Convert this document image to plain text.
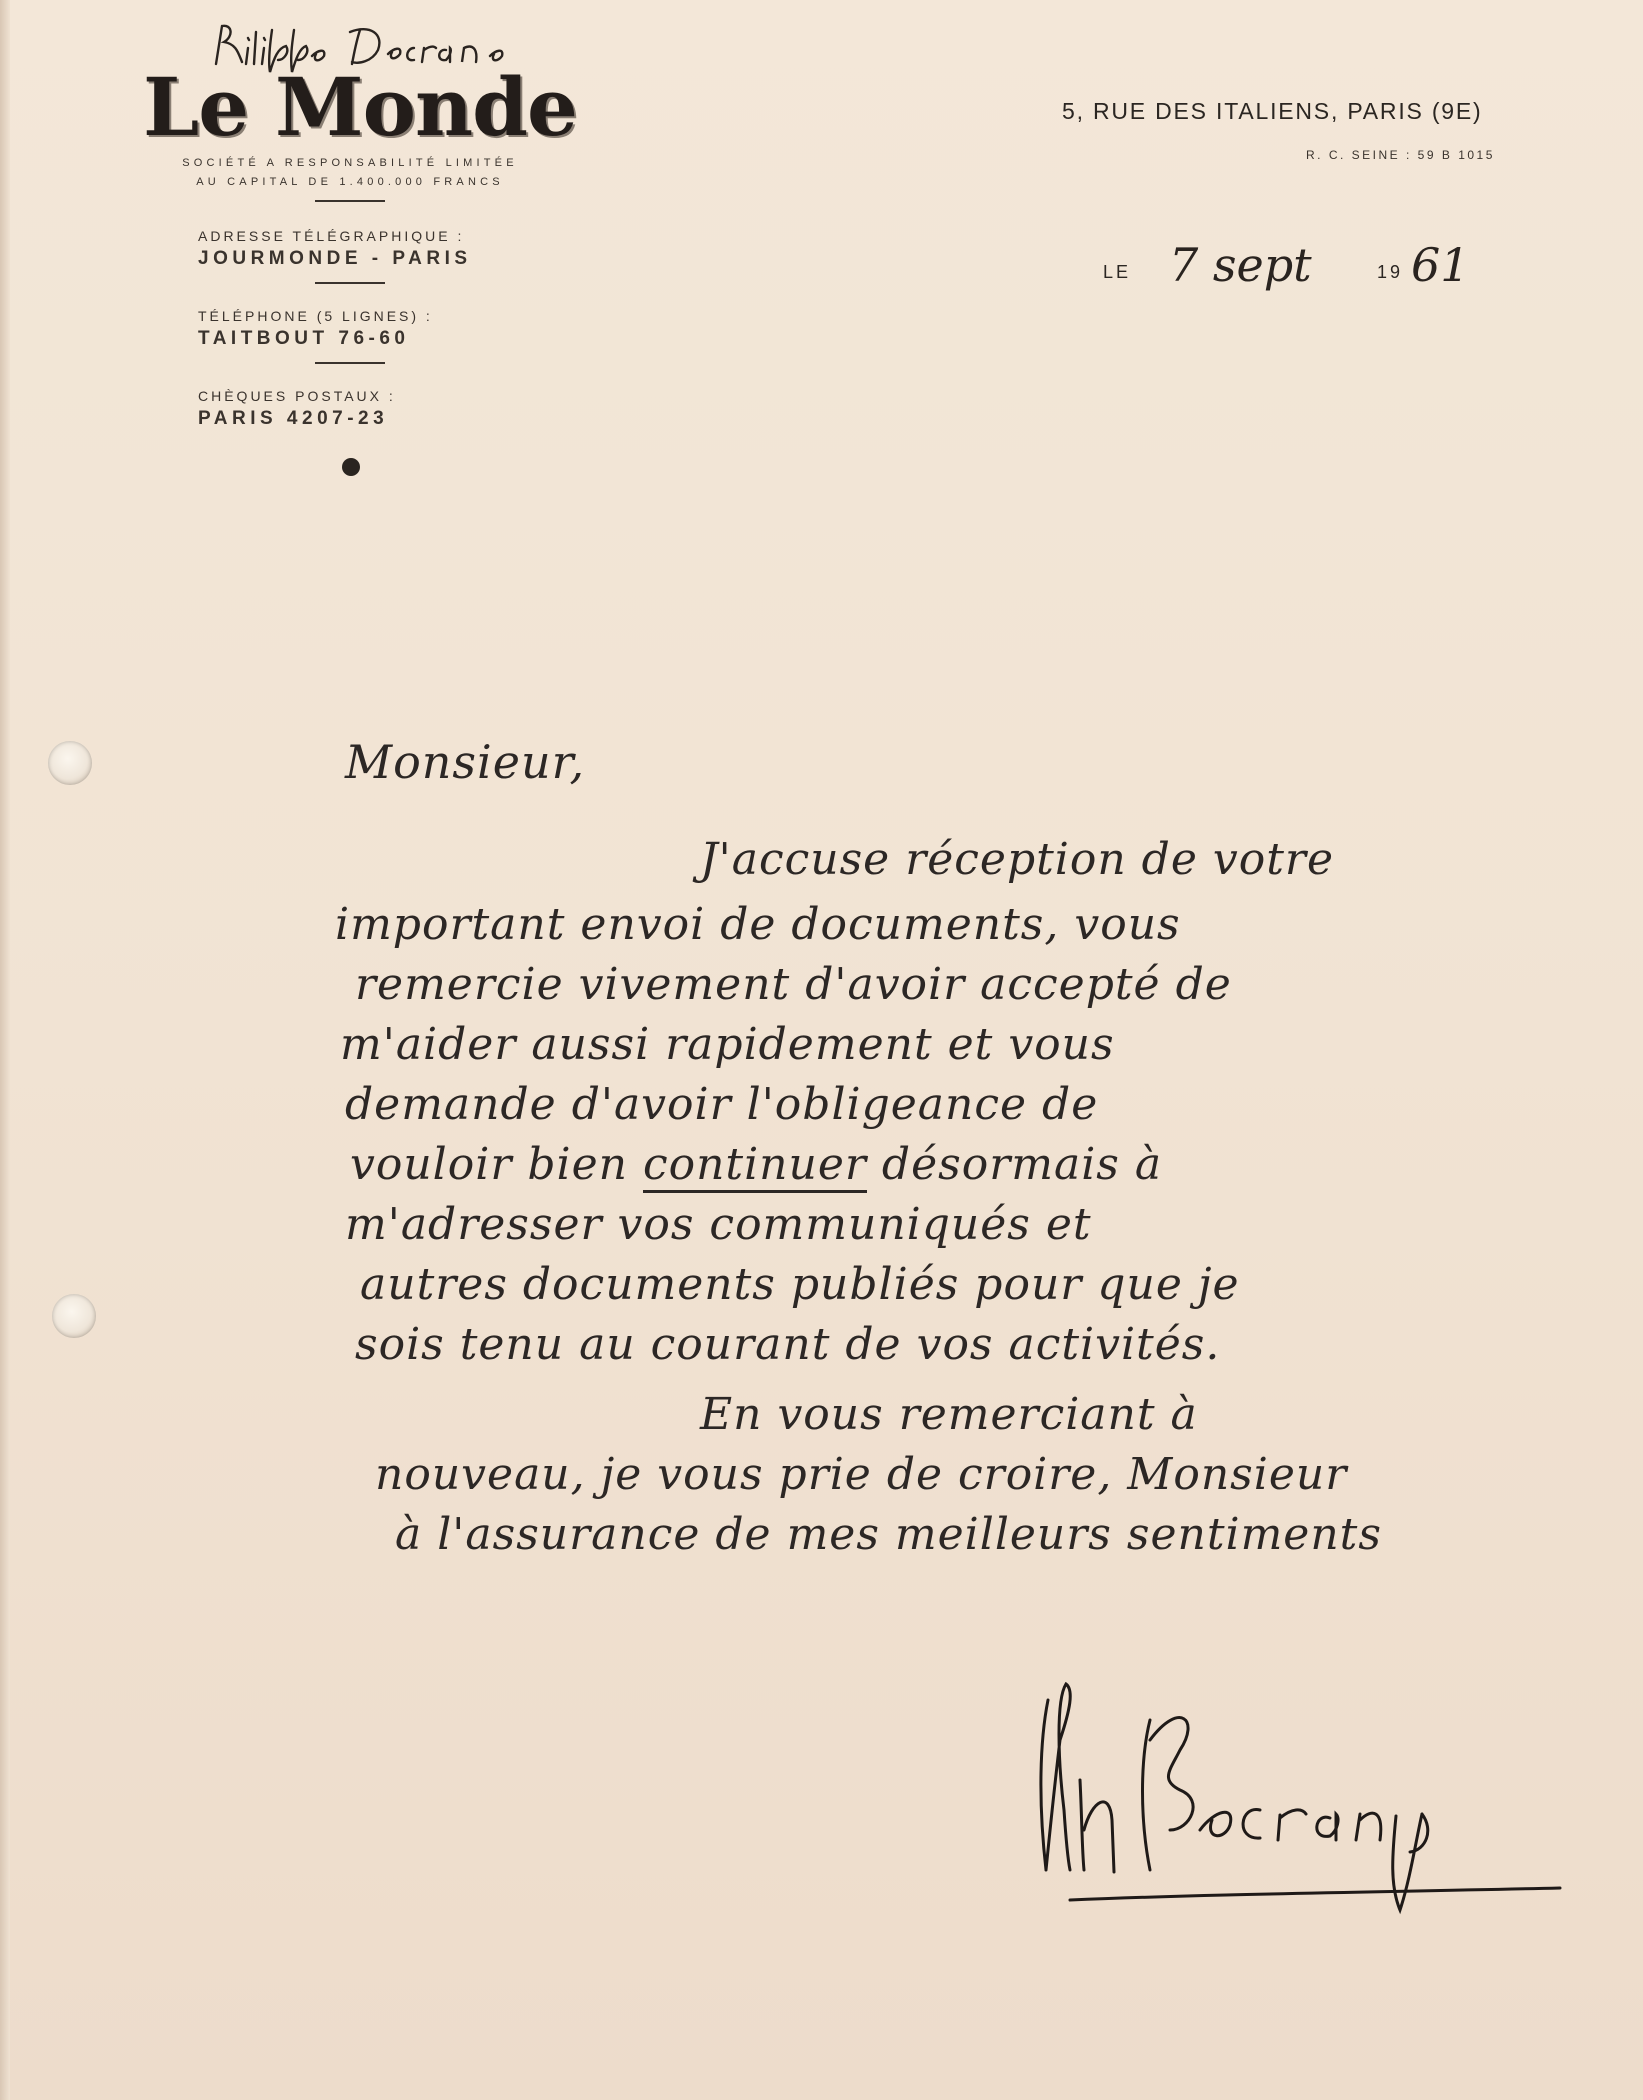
Le Monde
SOCIÉTÉ A RESPONSABILITÉ LIMITÉE
AU CAPITAL DE 1.400.000 FRANCS
ADRESSE TÉLÉGRAPHIQUE :
JOURMONDE - PARIS
TÉLÉPHONE (5 LIGNES) :
TAITBOUT 76-60
CHÈQUES POSTAUX :
PARIS 4207-23
5, RUE DES ITALIENS, PARIS (9E)
R. C. SEINE : 59 B 1015
LE 7 sept	19 61
Monsieur,
J'accuse réception de votre
important envoi de documents, vous
remercie vivement d'avoir accepté de
m'aider aussi rapidement et vous
demande d'avoir l'obligeance de
vouloir bien continuer désormais à
m'adresser vos communiqués et
autres documents publiés pour que je
sois tenu au courant de vos activités.
En vous remerciant à
nouveau, je vous prie de croire, Monsieur
à l'assurance de mes meilleurs sentiments
